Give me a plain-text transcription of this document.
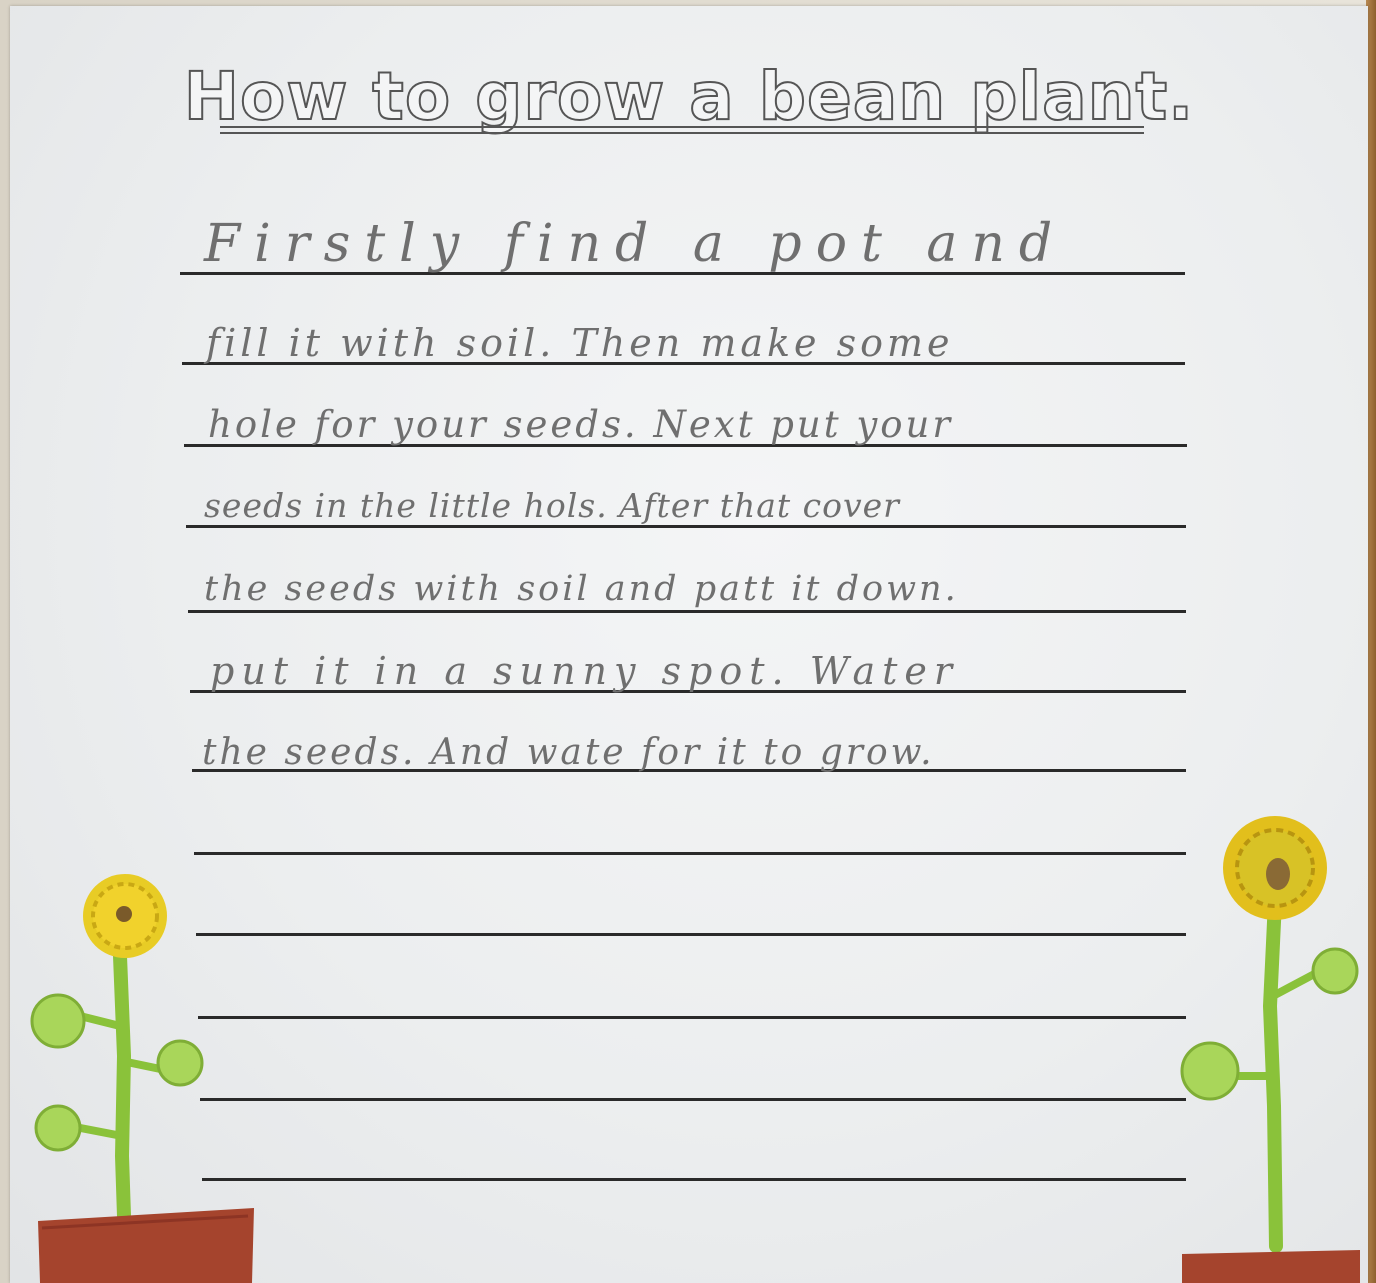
How to grow a bean plant.
Firstly find a pot and
fill it with soil. Then make some
hole for your seeds. Next put your
seeds in the little hols. After that cover
the seeds with soil and patt it down.
put it in a sunny spot. Water
the seeds. And wate for it to grow.
